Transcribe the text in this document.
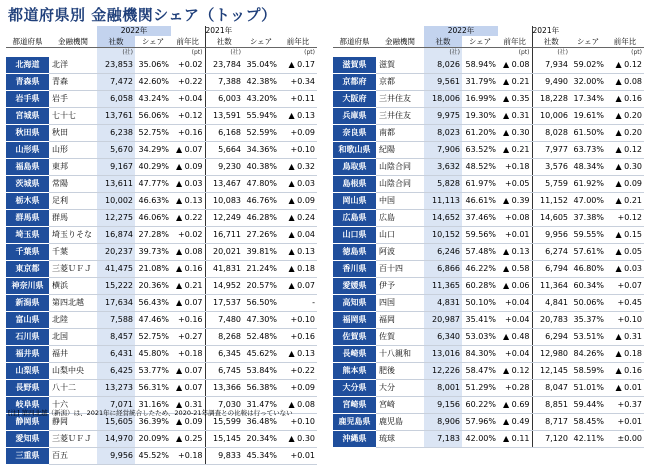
都道府県別 金融機関シェア（トップ）
		2022年			2021年		
都道府県	金融機関	社数	シェア	前年比	社数	シェア	前年比
		(社)		(pt)	(社)		(pt)
北海道	北洋	23,853	35.06%	+0.02	23,784	35.04%	▲ 0.17
青森県	青森	7,472	42.60%	+0.22	7,388	42.38%	+0.34
岩手県	岩手	6,058	43.24%	+0.04	6,003	43.20%	+0.11
宮城県	七十七	13,761	56.06%	+0.12	13,591	55.94%	▲ 0.13
秋田県	秋田	6,238	52.75%	+0.16	6,168	52.59%	+0.09
山形県	山形	5,670	34.29%	▲ 0.07	5,664	34.36%	+0.10
福島県	東邦	9,167	40.29%	▲ 0.09	9,230	40.38%	▲ 0.32
茨城県	常陽	13,611	47.77%	▲ 0.03	13,467	47.80%	▲ 0.03
栃木県	足利	10,002	46.63%	▲ 0.13	10,083	46.76%	▲ 0.09
群馬県	群馬	12,275	46.06%	▲ 0.22	12,249	46.28%	▲ 0.24
埼玉県	埼玉りそな	16,874	27.28%	+0.02	16,711	27.26%	▲ 0.04
千葉県	千葉	20,237	39.73%	▲ 0.08	20,021	39.81%	▲ 0.13
東京都	三菱ＵＦＪ	41,475	21.08%	▲ 0.16	41,831	21.24%	▲ 0.18
神奈川県	横浜	15,222	20.36%	▲ 0.21	14,952	20.57%	▲ 0.07
新潟県	第四北越	17,634	56.43%	▲ 0.07	17,537	56.50%	-
富山県	北陸	7,588	47.46%	+0.16	7,480	47.30%	+0.10
石川県	北国	8,457	52.75%	+0.27	8,268	52.48%	+0.16
福井県	福井	6,431	45.80%	+0.18	6,345	45.62%	▲ 0.13
山梨県	山梨中央	6,425	53.77%	▲ 0.07	6,745	53.84%	+0.22
長野県	八十二	13,273	56.31%	▲ 0.07	13,366	56.38%	+0.09
岐阜県	十六	7,071	31.16%	▲ 0.31	7,030	31.47%	▲ 0.08
静岡県	静岡	15,605	36.39%	▲ 0.09	15,599	36.48%	+0.10
愛知県	三菱ＵＦＪ	14,970	20.09%	▲ 0.25	15,145	20.34%	▲ 0.30
三重県	百五	9,956	45.52%	+0.18	9,833	45.34%	+0.01
		2022年			2021年		
都道府県	金融機関	社数	シェア	前年比	社数	シェア	前年比
		(社)		(pt)	(社)		(pt)
滋賀県	滋賀	8,026	58.94%	▲ 0.08	7,934	59.02%	▲ 0.12
京都府	京都	9,561	31.79%	▲ 0.21	9,490	32.00%	▲ 0.08
大阪府	三井住友	18,006	16.99%	▲ 0.35	18,228	17.34%	▲ 0.16
兵庫県	三井住友	9,975	19.30%	▲ 0.31	10,006	19.61%	▲ 0.20
奈良県	南都	8,023	61.20%	▲ 0.30	8,028	61.50%	▲ 0.20
和歌山県	紀陽	7,906	63.52%	▲ 0.21	7,977	63.73%	▲ 0.12
鳥取県	山陰合同	3,632	48.52%	+0.18	3,576	48.34%	▲ 0.30
島根県	山陰合同	5,828	61.97%	+0.05	5,759	61.92%	▲ 0.09
岡山県	中国	11,113	46.61%	▲ 0.39	11,152	47.00%	▲ 0.21
広島県	広島	14,652	37.46%	+0.08	14,605	37.38%	+0.12
山口県	山口	10,152	59.56%	+0.01	9,956	59.55%	▲ 0.15
徳島県	阿波	6,246	57.48%	▲ 0.13	6,274	57.61%	▲ 0.05
香川県	百十四	6,866	46.22%	▲ 0.58	6,794	46.80%	▲ 0.03
愛媛県	伊予	11,365	60.28%	▲ 0.06	11,364	60.34%	+0.07
高知県	四国	4,831	50.10%	+0.04	4,841	50.06%	+0.45
福岡県	福岡	20,987	35.41%	+0.04	20,783	35.37%	+0.10
佐賀県	佐賀	6,340	53.03%	▲ 0.48	6,294	53.51%	▲ 0.31
長崎県	十八親和	13,016	84.30%	+0.04	12,980	84.26%	▲ 0.18
熊本県	肥後	12,226	58.47%	▲ 0.12	12,145	58.59%	▲ 0.16
大分県	大分	8,001	51.29%	+0.28	8,047	51.01%	▲ 0.01
宮崎県	宮崎	9,156	60.22%	▲ 0.69	8,851	59.44%	+0.37
鹿児島県	鹿児島	8,906	57.96%	▲ 0.49	8,717	58.45%	+0.01
沖縄県	琉球	7,183	42.00%	▲ 0.11	7,120	42.11%	±0.00
[注] 第四北越（新潟）は、2021年に経営統合したため、2020-21年調査との比較は行っていない
